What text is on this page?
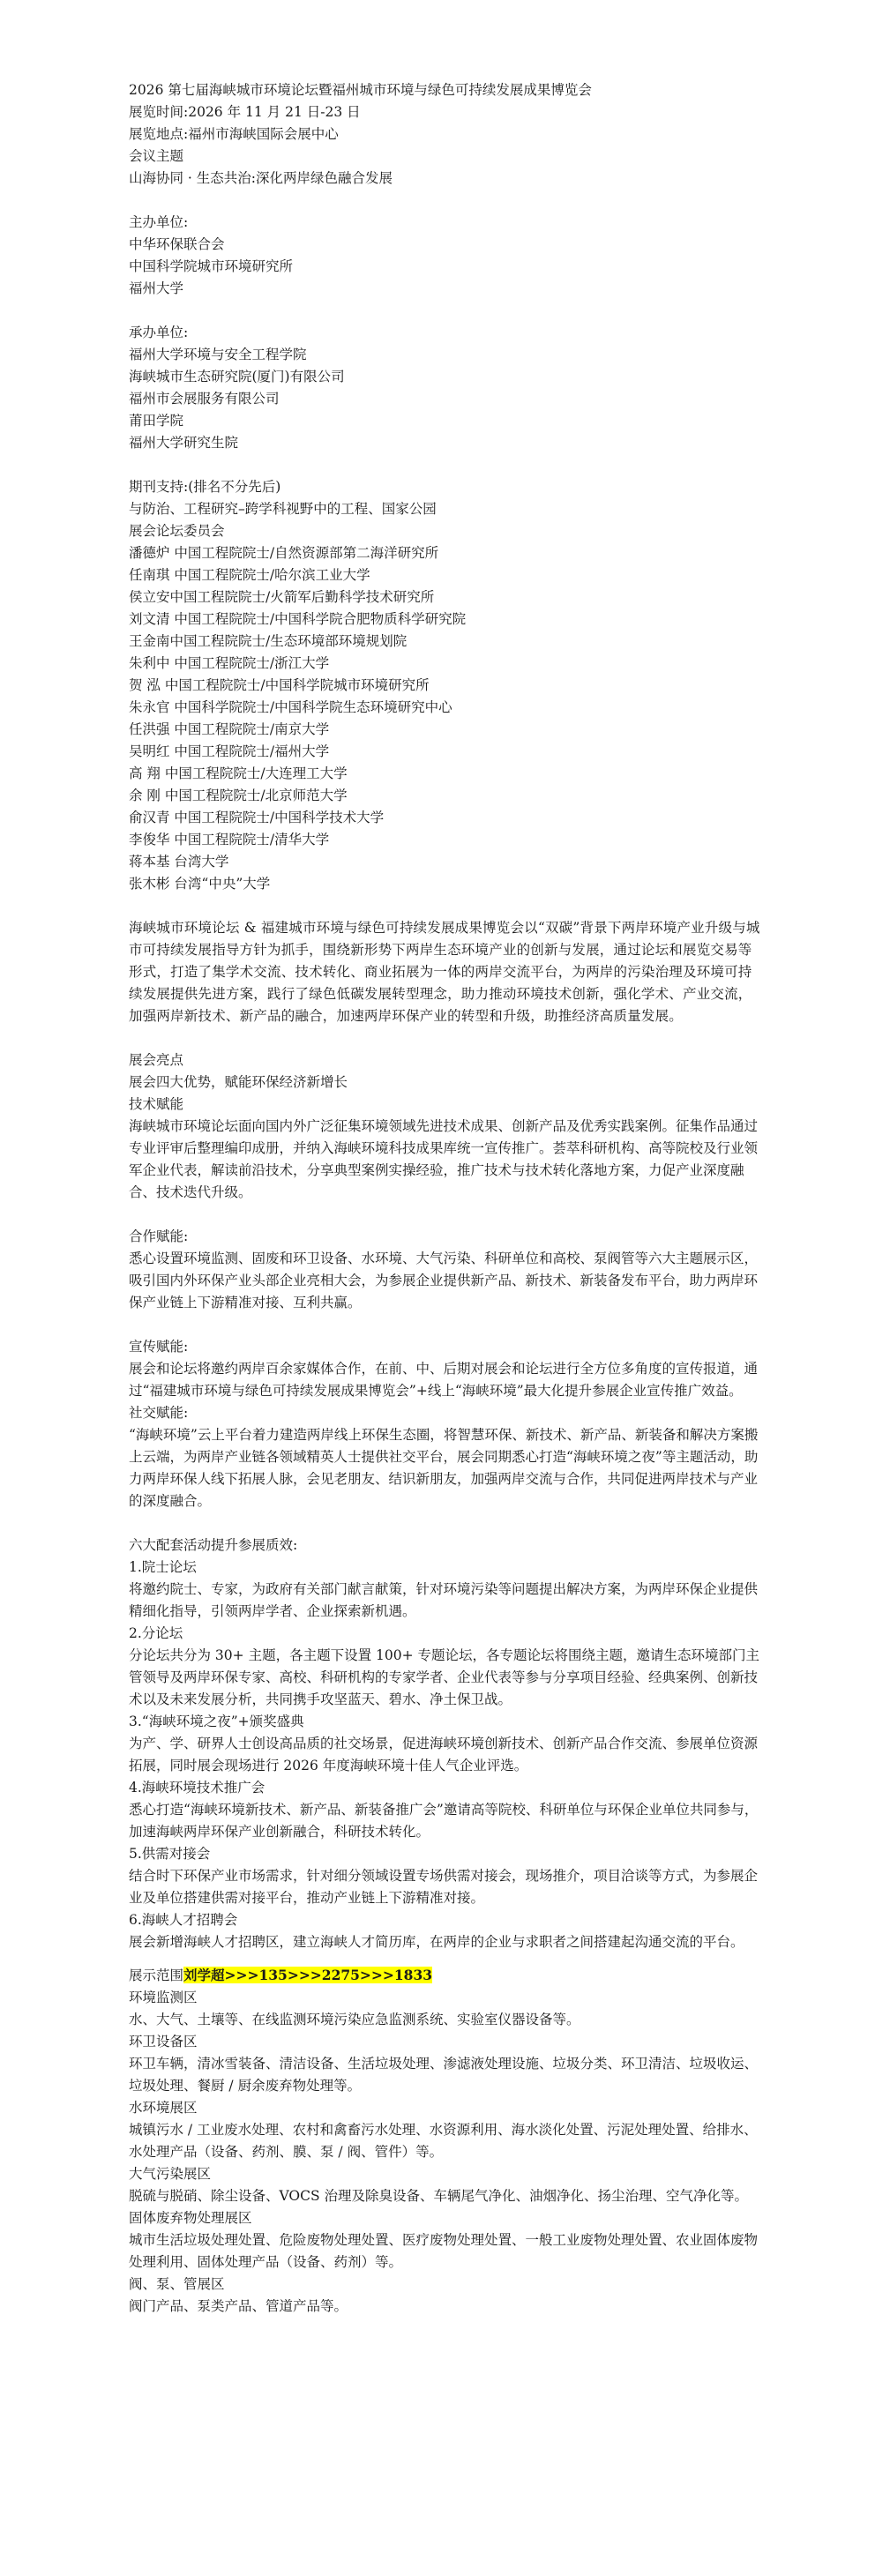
2026 第七届海峡城市环境论坛暨福州城市环境与绿色可持续发展成果博览会

展览时间:2026 年 11 月 21 日-23 日

展览地点:福州市海峡国际会展中心

会议主题

山海协同 · 生态共治:深化两岸绿色融合发展

主办单位:

中华环保联合会

中国科学院城市环境研究所

福州大学

承办单位:

福州大学环境与安全工程学院

海峡城市生态研究院(厦门)有限公司

福州市会展服务有限公司

莆田学院

福州大学研究生院

期刊支持:(排名不分先后)

与防治、工程研究–跨学科视野中的工程、国家公园

展会论坛委员会

潘德炉 中国工程院院士/自然资源部第二海洋研究所

任南琪 中国工程院院士/哈尔滨工业大学

侯立安中国工程院院士/火箭军后勤科学技术研究所

刘文清 中国工程院院士/中国科学院合肥物质科学研究院

王金南中国工程院院士/生态环境部环境规划院

朱利中 中国工程院院士/浙江大学

贺 泓 中国工程院院士/中国科学院城市环境研究所

朱永官 中国科学院院士/中国科学院生态环境研究中心

任洪强 中国工程院院士/南京大学

吴明红 中国工程院院士/福州大学

高 翔 中国工程院院士/大连理工大学

余 刚 中国工程院院士/北京师范大学

俞汉青 中国工程院院士/中国科学技术大学

李俊华 中国工程院院士/清华大学

蒋本基 台湾大学

张木彬 台湾“中央”大学

海峡城市环境论坛 & 福建城市环境与绿色可持续发展成果博览会以“双碳”背景下两岸环境产业升级与城市可持续发展指导方针为抓手，围绕新形势下两岸生态环境产业的创新与发展，通过论坛和展览交易等形式，打造了集学术交流、技术转化、商业拓展为一体的两岸交流平台，为两岸的污染治理及环境可持续发展提供先进方案，践行了绿色低碳发展转型理念，助力推动环境技术创新，强化学术、产业交流，加强两岸新技术、新产品的融合，加速两岸环保产业的转型和升级，助推经济高质量发展。

展会亮点

展会四大优势，赋能环保经济新增长

技术赋能

海峡城市环境论坛面向国内外广泛征集环境领域先进技术成果、创新产品及优秀实践案例。征集作品通过专业评审后整理编印成册，并纳入海峡环境科技成果库统一宣传推广。荟萃科研机构、高等院校及行业领军企业代表，解读前沿技术，分享典型案例实操经验，推广技术与技术转化落地方案，力促产业深度融合、技术迭代升级。

合作赋能:

悉心设置环境监测、固废和环卫设备、水环境、大气污染、科研单位和高校、泵阀管等六大主题展示区，吸引国内外环保产业头部企业亮相大会，为参展企业提供新产品、新技术、新装备发布平台，助力两岸环保产业链上下游精准对接、互利共赢。

宣传赋能:

展会和论坛将邀约两岸百余家媒体合作，在前、中、后期对展会和论坛进行全方位多角度的宣传报道，通过“福建城市环境与绿色可持续发展成果博览会”+线上“海峡环境”最大化提升参展企业宣传推广效益。

社交赋能:

“海峡环境”云上平台着力建造两岸线上环保生态圈，将智慧环保、新技术、新产品、新装备和解决方案搬上云端，为两岸产业链各领域精英人士提供社交平台，展会同期悉心打造“海峡环境之夜”等主题活动，助力两岸环保人线下拓展人脉，会见老朋友、结识新朋友，加强两岸交流与合作，共同促进两岸技术与产业的深度融合。

六大配套活动提升参展质效:

1.院士论坛

将邀约院士、专家，为政府有关部门献言献策，针对环境污染等问题提出解决方案，为两岸环保企业提供精细化指导，引领两岸学者、企业探索新机遇。

2.分论坛

分论坛共分为 30+ 主题，各主题下设置 100+ 专题论坛，各专题论坛将围绕主题，邀请生态环境部门主管领导及两岸环保专家、高校、科研机构的专家学者、企业代表等参与分享项目经验、经典案例、创新技术以及未来发展分析，共同携手攻坚蓝天、碧水、净土保卫战。

3.“海峡环境之夜”+颁奖盛典

为产、学、研界人士创设高品质的社交场景，促进海峡环境创新技术、创新产品合作交流、参展单位资源拓展，同时展会现场进行 2026 年度海峡环境十佳人气企业评选。

4.海峡环境技术推广会

悉心打造“海峡环境新技术、新产品、新装备推广会”邀请高等院校、科研单位与环保企业单位共同参与，加速海峡两岸环保产业创新融合，科研技术转化。

5.供需对接会

结合时下环保产业市场需求，针对细分领域设置专场供需对接会，现场推介，项目洽谈等方式，为参展企业及单位搭建供需对接平台，推动产业链上下游精准对接。

6.海峡人才招聘会

展会新增海峡人才招聘区，建立海峡人才简历库，在两岸的企业与求职者之间搭建起沟通交流的平台。

展示范围刘学超>>>135>>>2275>>>1833

环境监测区

水、大气、土壤等、在线监测环境污染应急监测系统、实验室仪器设备等。

环卫设备区

环卫车辆，清冰雪装备、清洁设备、生活垃圾处理、渗滤液处理设施、垃圾分类、环卫清洁、垃圾收运、垃圾处理、餐厨 / 厨余废弃物处理等。

水环境展区

城镇污水 / 工业废水处理、农村和禽畜污水处理、水资源利用、海水淡化处置、污泥处理处置、给排水、水处理产品（设备、药剂、膜、泵 / 阀、管件）等。

大气污染展区

脱硫与脱硝、除尘设备、VOCS 治理及除臭设备、车辆尾气净化、油烟净化、扬尘治理、空气净化等。

固体废弃物处理展区

城市生活垃圾处理处置、危险废物处理处置、医疗废物处理处置、一般工业废物处理处置、农业固体废物处理利用、固体处理产品（设备、药剂）等。

阀、泵、管展区

阀门产品、泵类产品、管道产品等。
